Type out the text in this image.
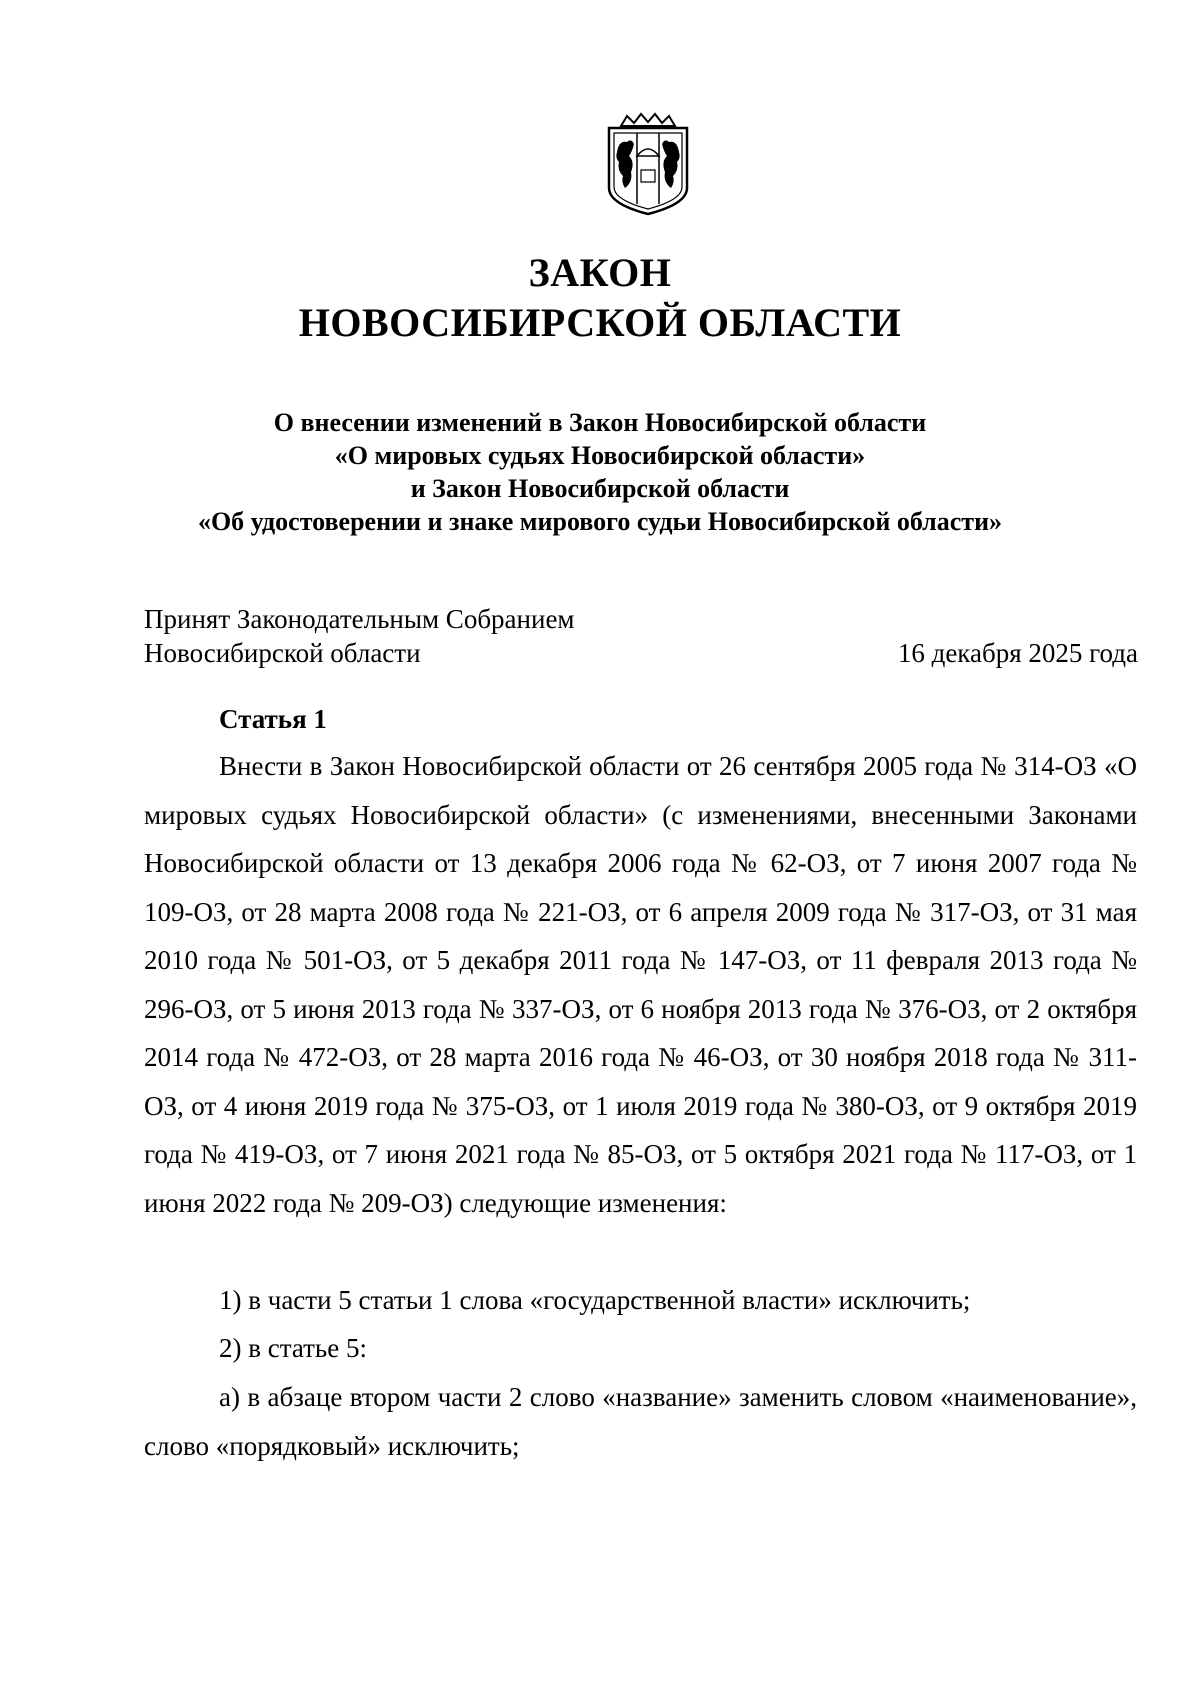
ЗАКОН
НОВОСИБИРСКОЙ ОБЛАСТИ
О внесении изменений в Закон Новосибирской области
«О мировых судьях Новосибирской области»
и Закон Новосибирской области
«Об удостоверении и знаке мирового судьи Новосибирской области»
Принят Законодательным Собранием
Новосибирской области	16 декабря 2025 года
Статья 1
Внести в Закон Новосибирской области от 26 сентября 2005 года № 314-ОЗ «О мировых судьях Новосибирской области» (с изменениями, внесенными Законами Новосибирской области от 13 декабря 2006 года № 62-ОЗ, от 7 июня 2007 года № 109-ОЗ, от 28 марта 2008 года № 221-ОЗ, от 6 апреля 2009 года № 317-ОЗ, от 31 мая 2010 года № 501-ОЗ, от 5 декабря 2011 года № 147-ОЗ, от 11 февраля 2013 года № 296-ОЗ, от 5 июня 2013 года № 337-ОЗ, от 6 ноября 2013 года № 376-ОЗ, от 2 октября 2014 года № 472-ОЗ, от 28 марта 2016 года № 46-ОЗ, от 30 ноября 2018 года № 311-ОЗ, от 4 июня 2019 года № 375-ОЗ, от 1 июля 2019 года № 380-ОЗ, от 9 октября 2019 года № 419-ОЗ, от 7 июня 2021 года № 85-ОЗ, от 5 октября 2021 года № 117-ОЗ, от 1 июня 2022 года № 209-ОЗ) следующие изменения:
1) в части 5 статьи 1 слова «государственной власти» исключить;
2) в статье 5:
а) в абзаце втором части 2 слово «название» заменить словом «наименование», слово «порядковый» исключить;
